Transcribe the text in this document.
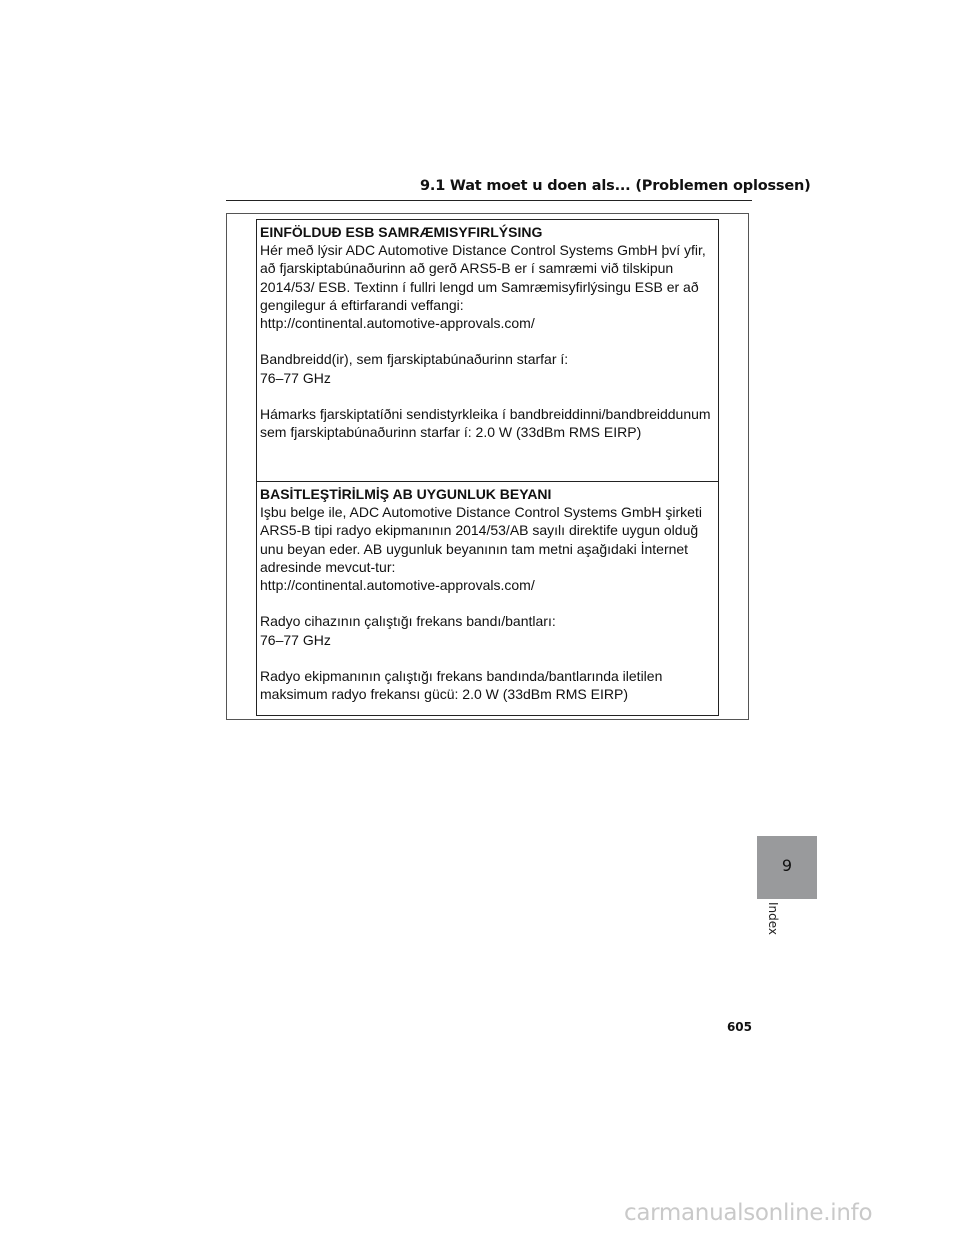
9.1 Wat moet u doen als... (Problemen oplossen)
EINFÖLDUÐ ESB SAMRÆMISYFIRLÝSING
Hér með lýsir ADC Automotive Distance Control Systems GmbH því yfir,
að fjarskiptabúnaðurinn að gerð ARS5-B er í samræmi við tilskipun
2014/53/ ESB. Textinn í fullri lengd um Samræmisyfirlýsingu ESB er að
gengilegur á eftirfarandi veffangi:
http://continental.automotive-approvals.com/
Bandbreidd(ir), sem fjarskiptabúnaðurinn starfar í:
76–77 GHz
Hámarks fjarskiptatíðni sendistyrkleika í bandbreiddinni/bandbreiddunum
sem fjarskiptabúnaðurinn starfar í: 2.0 W (33dBm RMS EIRP)
BASİTLEŞTİRİLMİŞ AB UYGUNLUK BEYANI
Işbu belge ile, ADC Automotive Distance Control Systems GmbH şirketi
ARS5-B tipi radyo ekipmanının 2014/53/AB sayılı direktife uygun olduğ
unu beyan eder. AB uygunluk beyanının tam metni aşağıdaki İnternet
adresinde mevcut-tur:
http://continental.automotive-approvals.com/
Radyo cihazının çalıştığı frekans bandı/bantları:
76–77 GHz
Radyo ekipmanının çalıştığı frekans bandında/bantlarında iletilen
maksimum radyo frekansı gücü: 2.0 W (33dBm RMS EIRP)
9
Index
605
carmanualsonline.info
